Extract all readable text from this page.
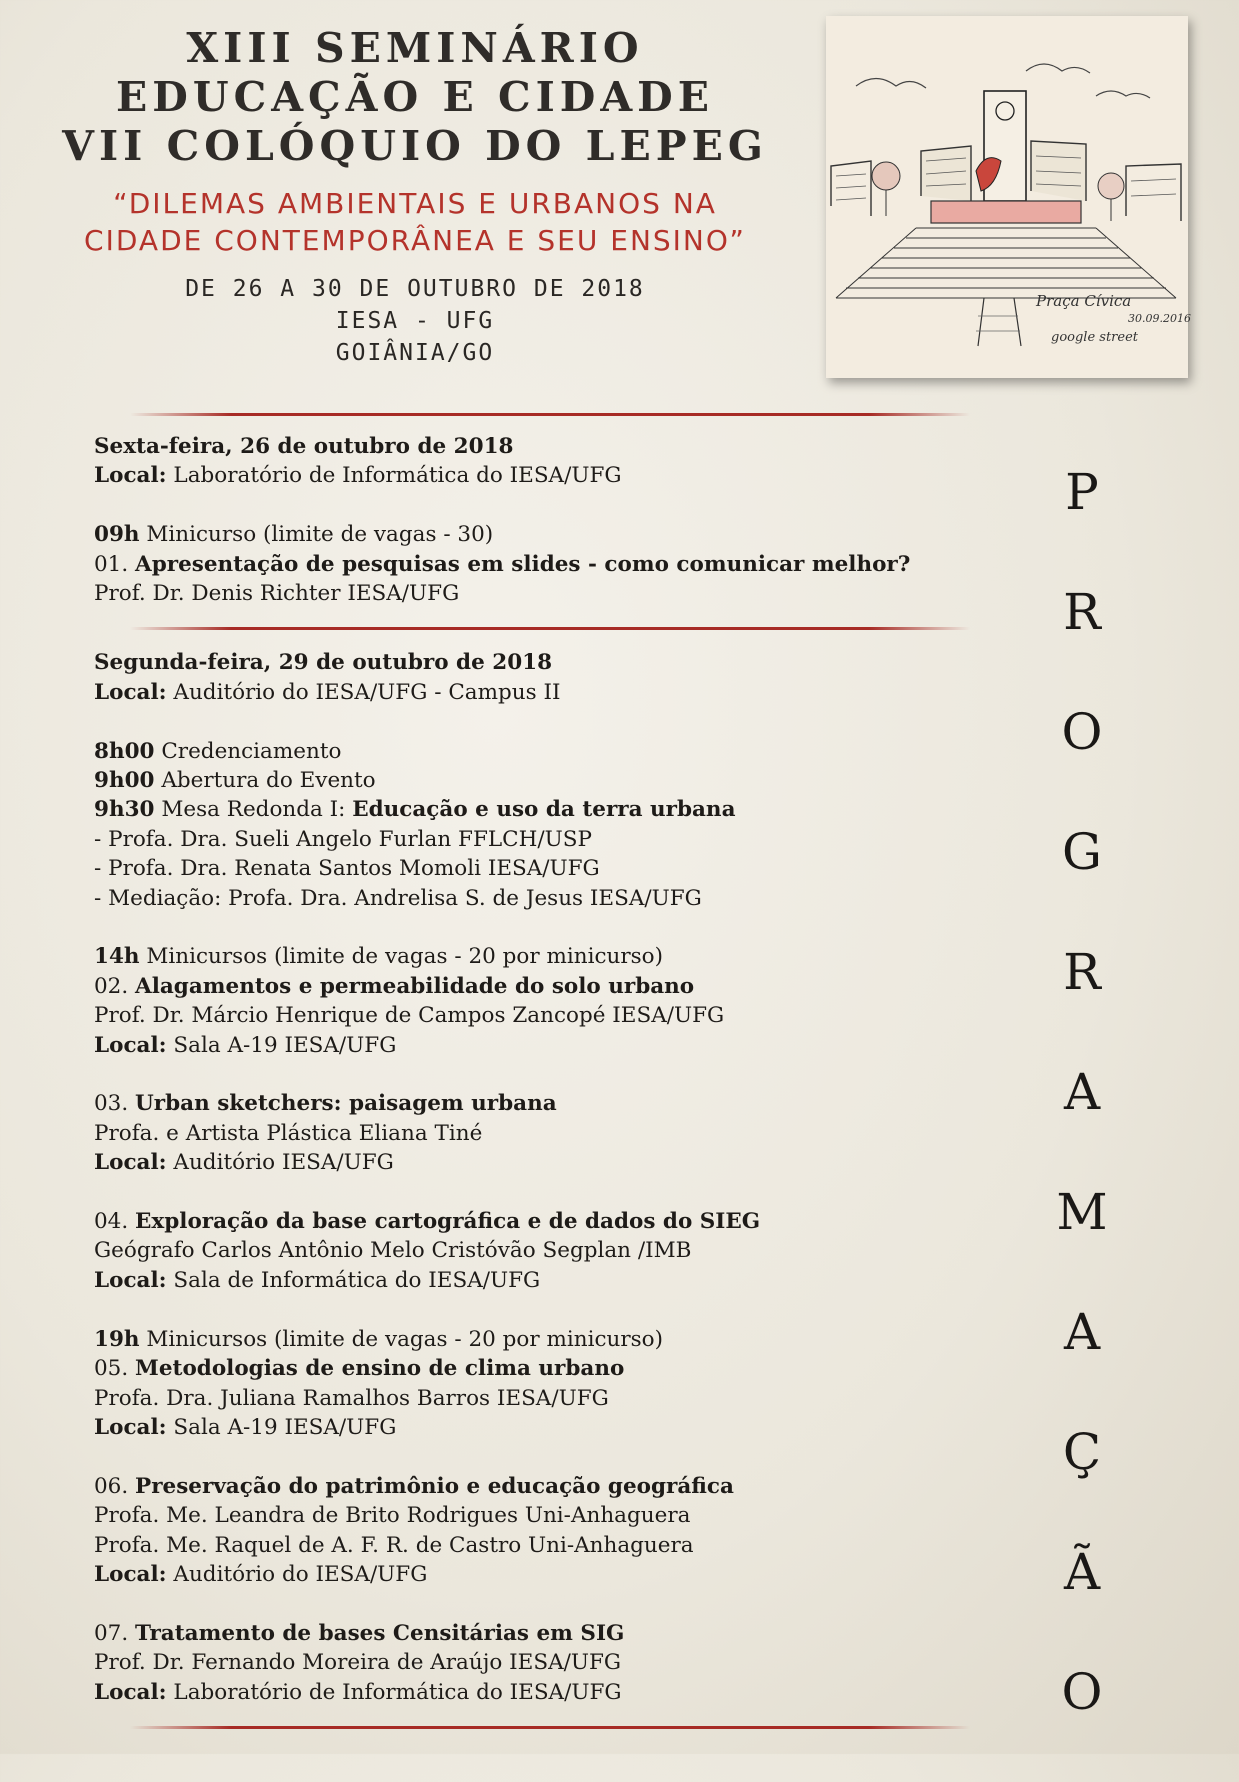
XIII SEMINÁRIO
EDUCAÇÃO E CIDADE
VII COLÓQUIO DO LEPEG
“DILEMAS AMBIENTAIS E URBANOS NA
CIDADE CONTEMPORÂNEA E SEU ENSINO”
DE 26 A 30 DE OUTUBRO DE 2018
IESA - UFG
GOIÂNIA/GO
Praça Cívica
30.09.2016
google street
Sexta-feira, 26 de outubro de 2018
Local: Laboratório de Informática do IESA/UFG
09h Minicurso (limite de vagas - 30)
01. Apresentação de pesquisas em slides - como comunicar melhor?
Prof. Dr. Denis Richter IESA/UFG
Segunda-feira, 29 de outubro de 2018
Local: Auditório do IESA/UFG - Campus II
8h00 Credenciamento
9h00 Abertura do Evento
9h30 Mesa Redonda I: Educação e uso da terra urbana
- Profa. Dra. Sueli Angelo Furlan FFLCH/USP
- Profa. Dra. Renata Santos Momoli IESA/UFG
- Mediação: Profa. Dra. Andrelisa S. de Jesus IESA/UFG
14h Minicursos (limite de vagas - 20 por minicurso)
02. Alagamentos e permeabilidade do solo urbano
Prof. Dr. Márcio Henrique de Campos Zancopé IESA/UFG
Local: Sala A-19 IESA/UFG
03. Urban sketchers: paisagem urbana
Profa. e Artista Plástica Eliana Tiné
Local: Auditório IESA/UFG
04. Exploração da base cartográfica e de dados do SIEG
Geógrafo Carlos Antônio Melo Cristóvão Segplan /IMB
Local: Sala de Informática do IESA/UFG
19h Minicursos (limite de vagas - 20 por minicurso)
05. Metodologias de ensino de clima urbano
Profa. Dra. Juliana Ramalhos Barros IESA/UFG
Local: Sala A-19 IESA/UFG
06. Preservação do patrimônio e educação geográfica
Profa. Me. Leandra de Brito Rodrigues Uni-Anhaguera
Profa. Me. Raquel de A. F. R. de Castro Uni-Anhaguera
Local: Auditório do IESA/UFG
07. Tratamento de bases Censitárias em SIG
Prof. Dr. Fernando Moreira de Araújo IESA/UFG
Local: Laboratório de Informática do IESA/UFG
P
R
O
G
R
A
M
A
Ç
Ã
O
